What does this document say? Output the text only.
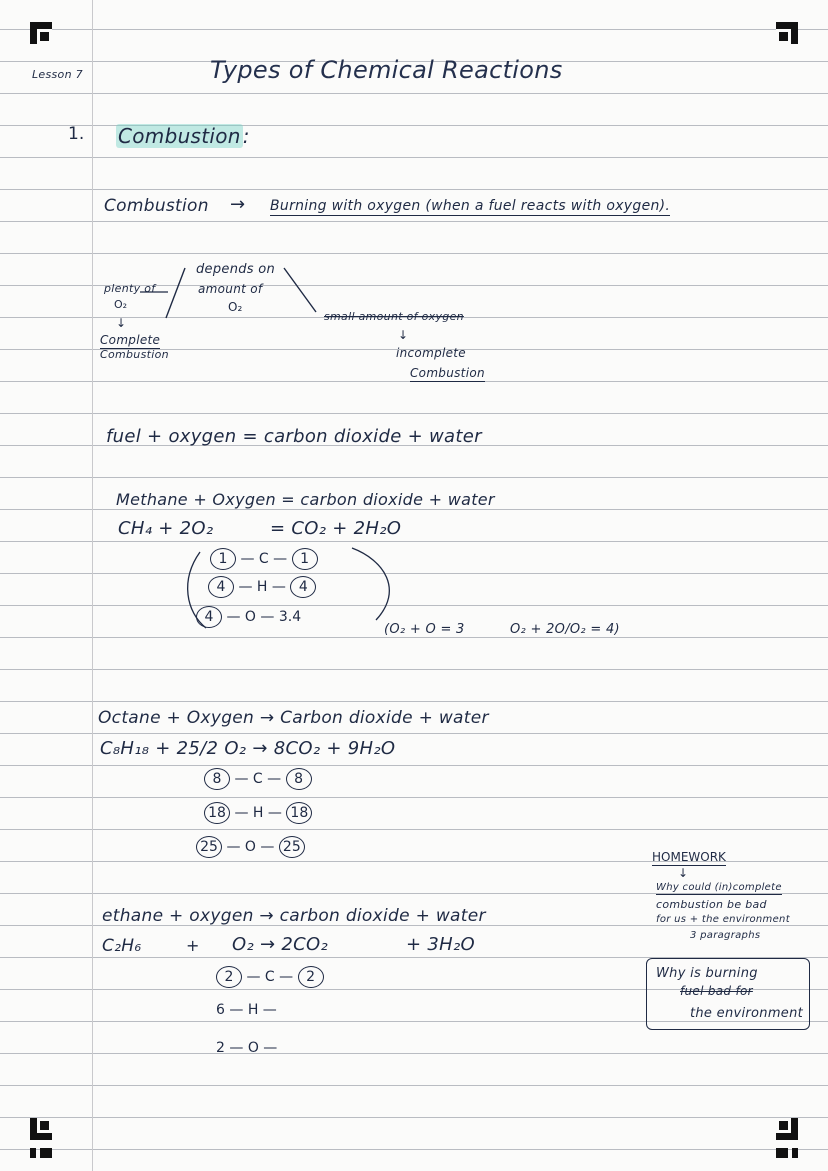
Lesson 7	Types of Chemical Reactions
1. Combustion :
Combustion → Burning with oxygen (when a fuel reacts with oxygen).
depends on
amount of
O₂
plenty of
O₂
↓
Complete
Combustion
small amount of oxygen
↓
incomplete
Combustion
fuel + oxygen = carbon dioxide + water
Methane + Oxygen = carbon dioxide + water
CH₄ + 2O₂	= CO₂ + 2H₂O
1 — C — 1
4 — H — 4
4 — O — 3.4
(O₂ + O = 3	O₂ + 2O/O₂ = 4)
Octane + Oxygen → Carbon dioxide + water
C₈H₁₈ + 25/2 O₂ → 8CO₂ + 9H₂O
8 — C — 8
18 — H — 18
25 — O — 25
ethane + oxygen → carbon dioxide + water
C₂H₆	+ O₂ → 2CO₂	+ 3H₂O
2 — C — 2
6 — H —
2 — O —
HOMEWORK
↓
Why could (in)complete
combustion be bad
for us + the environment
3 paragraphs
Why is burning
fuel bad for
the environment
